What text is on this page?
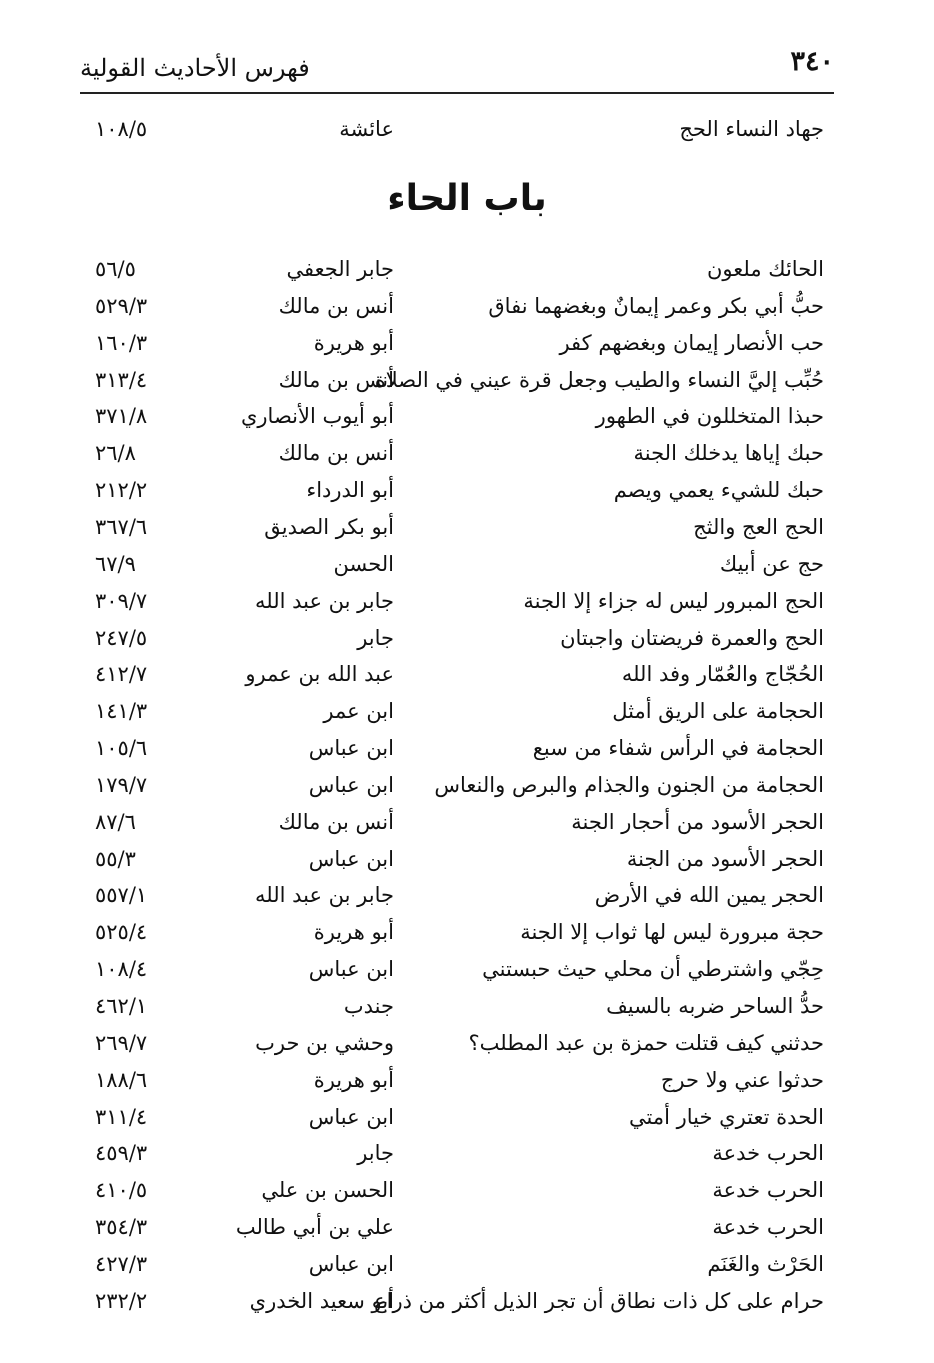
٣٤٠
فهرس الأحاديث القولية
جهاد النساء الحج
عائشة
١٠٨/٥
باب الحاء
الحائك ملعون
جابر الجعفي
٥٦/٥
حبُّ أبي بكر وعمر إيمانٌ وبغضهما نفاق
أنس بن مالك
٥٢٩/٣
حب الأنصار إيمان وبغضهم كفر
أبو هريرة
١٦٠/٣
حُبِّب إليَّ النساء والطيب وجعل قرة عيني في الصلاة
أنس بن مالك
٣١٣/٤
حبذا المتخللون في الطهور
أبو أيوب الأنصاري
٣٧١/٨
حبك إياها يدخلك الجنة
أنس بن مالك
٢٦/٨
حبك للشيء يعمي ويصم
أبو الدرداء
٢١٢/٢
الحج العج والثج
أبو بكر الصديق
٣٦٧/٦
حج عن أبيك
الحسن
٦٧/٩
الحج المبرور ليس له جزاء إلا الجنة
جابر بن عبد الله
٣٠٩/٧
الحج والعمرة فريضتان واجبتان
جابر
٢٤٧/٥
الحُجّاج والعُمّار وفد الله
عبد الله بن عمرو
٤١٢/٧
الحجامة على الريق أمثل
ابن عمر
١٤١/٣
الحجامة في الرأس شفاء من سبع
ابن عباس
١٠٥/٦
الحجامة من الجنون والجذام والبرص والنعاس
ابن عباس
١٧٩/٧
الحجر الأسود من أحجار الجنة
أنس بن مالك
٨٧/٦
الحجر الأسود من الجنة
ابن عباس
٥٥/٣
الحجر يمين الله في الأرض
جابر بن عبد الله
٥٥٧/١
حجة مبرورة ليس لها ثواب إلا الجنة
أبو هريرة
٥٢٥/٤
حِجّي واشترطي أن محلي حيث حبستني
ابن عباس
١٠٨/٤
حدُّ الساحر ضربه بالسيف
جندب
٤٦٢/١
حدثني كيف قتلت حمزة بن عبد المطلب؟
وحشي بن حرب
٢٦٩/٧
حدثوا عني ولا حرج
أبو هريرة
١٨٨/٦
الحدة تعتري خيار أمتي
ابن عباس
٣١١/٤
الحرب خدعة
جابر
٤٥٩/٣
الحرب خدعة
الحسن بن علي
٤١٠/٥
الحرب خدعة
علي بن أبي طالب
٣٥٤/٣
الحَرْث والغَنَم
ابن عباس
٤٢٧/٣
حرام على كل ذات نطاق أن تجر الذيل أكثر من ذراع
أبو سعيد الخدري
٢٣٢/٢
